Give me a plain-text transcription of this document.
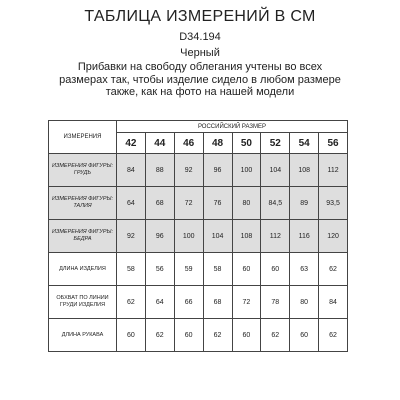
ТАБЛИЦА ИЗМЕРЕНИЙ В СМ
D34.194
Черный
Прибавки на свободу облегания учтены во всех размерах так, чтобы изделие сидело в любом размере также, как на фото на нашей модели
ИЗМЕРЕНИЯ	РОССИЙСКИЙ РАЗМЕР							
	42	44	46	48	50	52	54	56
ИЗМЕРЕНИЯ ФИГУРЫ: ГРУДЬ	84	88	92	96	100	104	108	112
ИЗМЕРЕНИЯ ФИГУРЫ: ТАЛИЯ	64	68	72	76	80	84,5	89	93,5
ИЗМЕРЕНИЯ ФИГУРЫ: БЕДРА	92	96	100	104	108	112	116	120
ДЛИНА ИЗДЕЛИЯ	58	56	59	58	60	60	63	62
ОБХВАТ ПО ЛИНИИ ГРУДИ ИЗДЕЛИЯ	62	64	66	68	72	78	80	84
ДЛИНА РУКАВА	60	62	60	62	60	62	60	62
